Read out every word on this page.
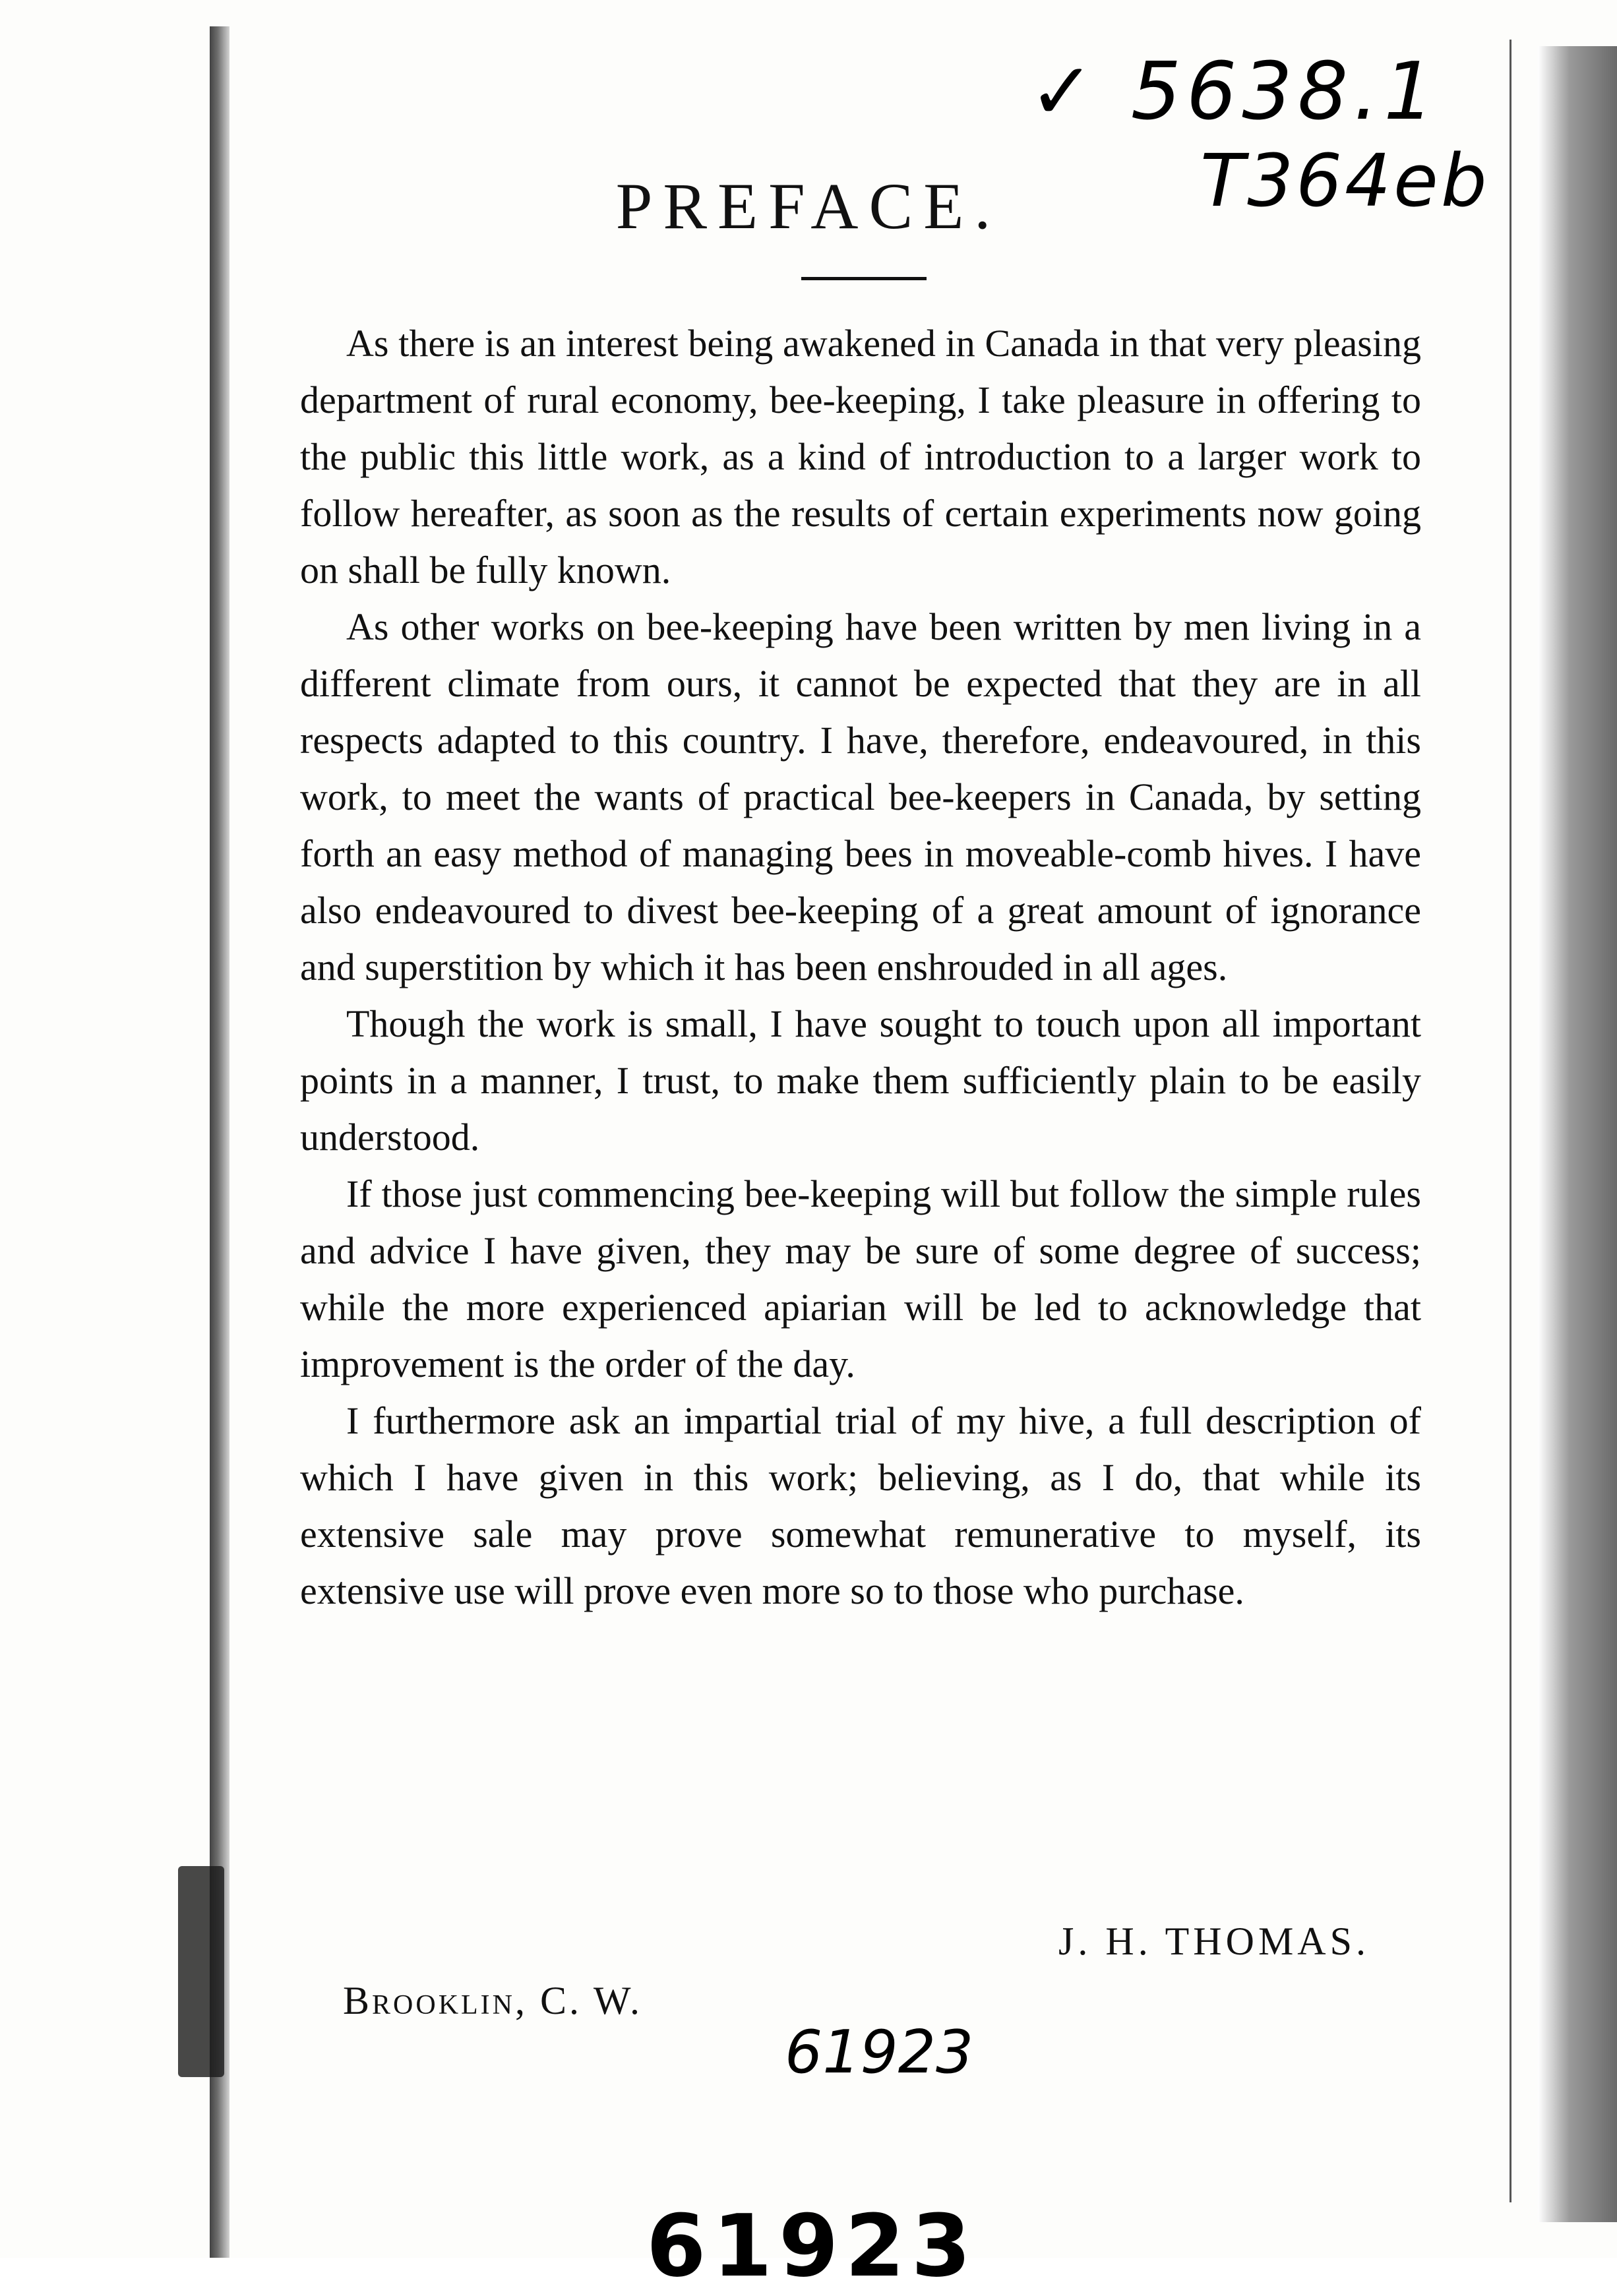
✓ 5638.1
T364eb
PREFACE.

As there is an interest being awakened in Canada in that very pleasing department of rural economy, bee-keeping, I take pleasure in offering to the public this little work, as a kind of introduction to a larger work to follow hereafter, as soon as the results of certain experiments now going on shall be fully known.

As other works on bee-keeping have been written by men living in a different climate from ours, it cannot be expected that they are in all respects adapted to this country. I have, therefore, endeavoured, in this work, to meet the wants of practical bee-keepers in Canada, by setting forth an easy method of managing bees in moveable-comb hives. I have also endeavoured to divest bee-keeping of a great amount of ignorance and superstition by which it has been enshrouded in all ages.

Though the work is small, I have sought to touch upon all important points in a manner, I trust, to make them sufficiently plain to be easily understood.

If those just commencing bee-keeping will but follow the simple rules and advice I have given, they may be sure of some degree of success; while the more experienced apiarian will be led to acknowledge that improvement is the order of the day.

I furthermore ask an impartial trial of my hive, a full description of which I have given in this work; believing, as I do, that while its extensive sale may prove somewhat remunerative to myself, its extensive use will prove even more so to those who purchase.

J. H. THOMAS.
Brooklin, C. W.
61923
61923
